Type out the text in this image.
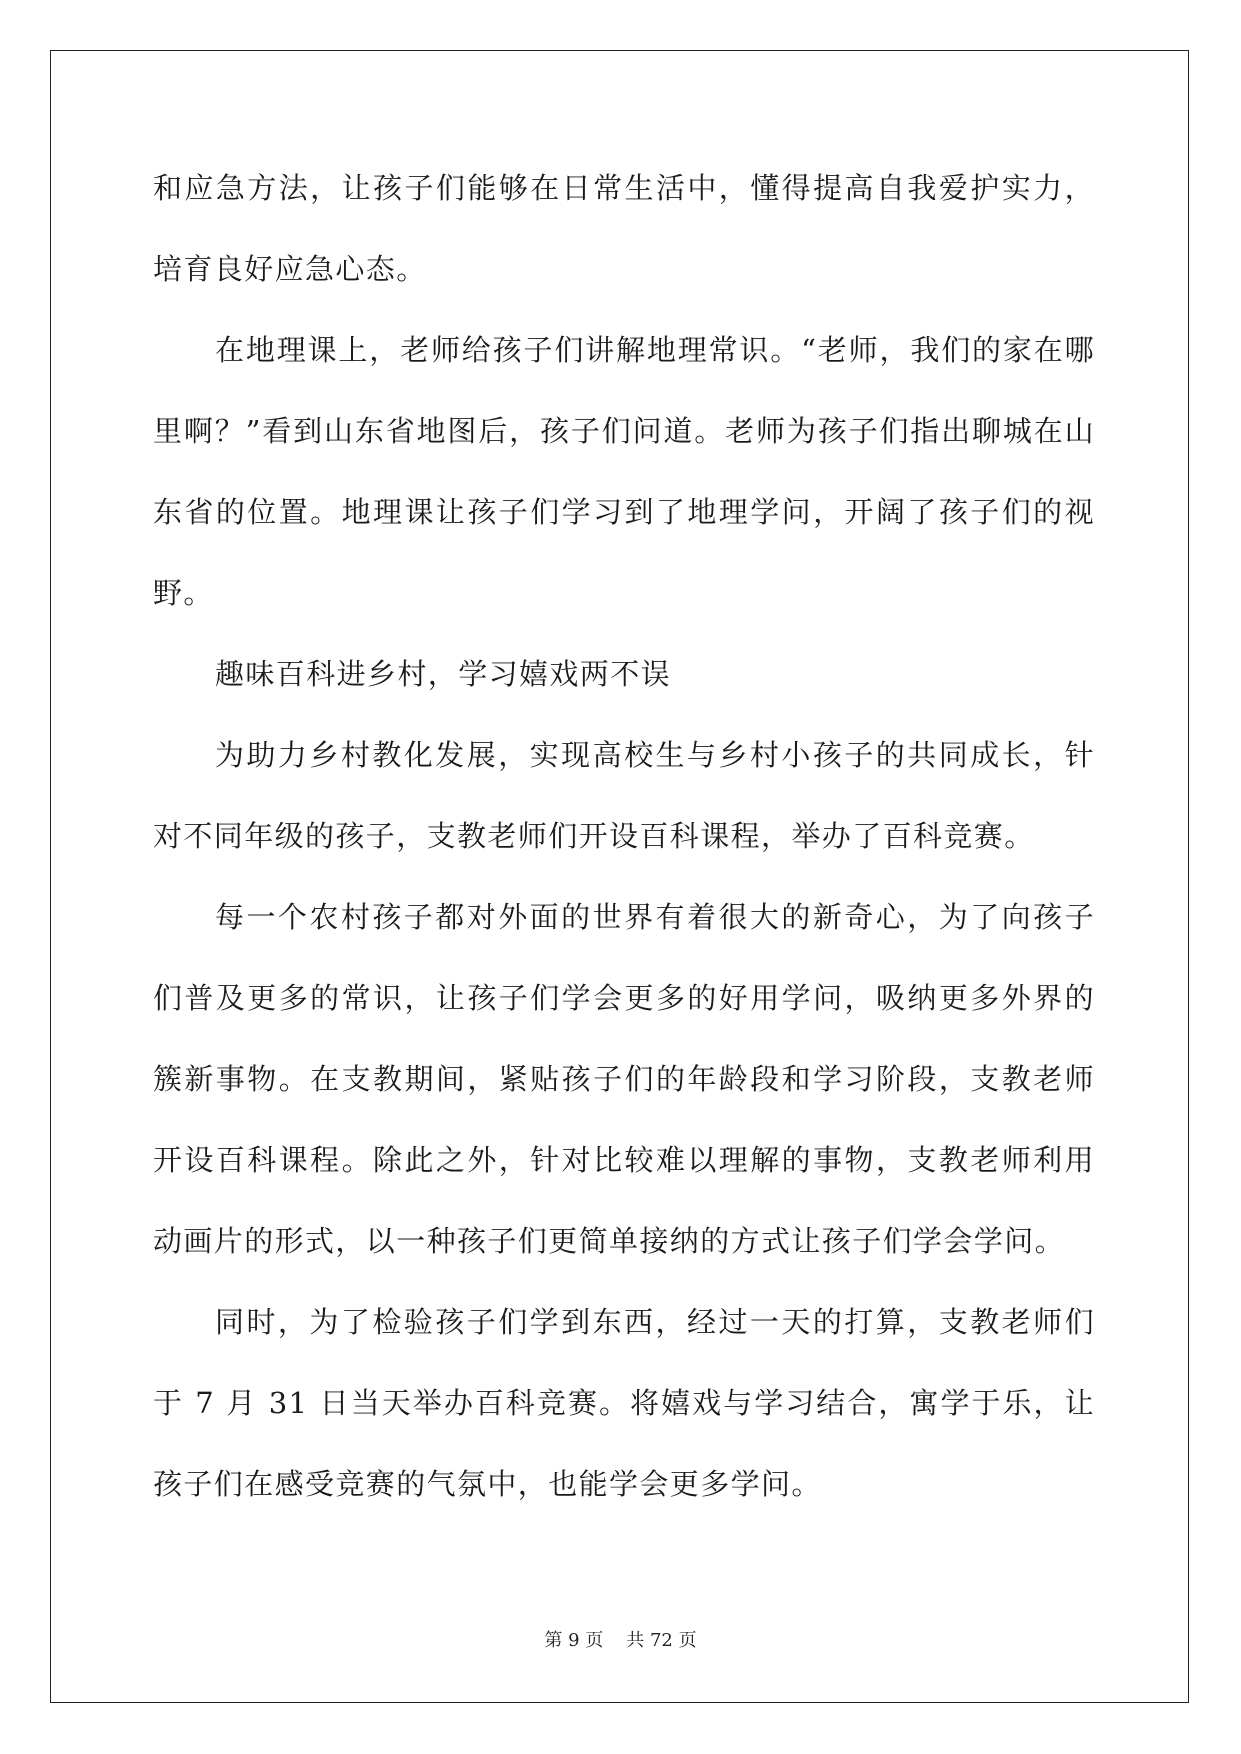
和应急方法，让孩子们能够在日常生活中，懂得提高自我爱护实力，培育良好应急心态。

在地理课上，老师给孩子们讲解地理常识。“老师，我们的家在哪里啊？”看到山东省地图后，孩子们问道。老师为孩子们指出聊城在山东省的位置。地理课让孩子们学习到了地理学问，开阔了孩子们的视野。

趣味百科进乡村，学习嬉戏两不误

为助力乡村教化发展，实现高校生与乡村小孩子的共同成长，针对不同年级的孩子，支教老师们开设百科课程，举办了百科竞赛。

每一个农村孩子都对外面的世界有着很大的新奇心，为了向孩子们普及更多的常识，让孩子们学会更多的好用学问，吸纳更多外界的簇新事物。在支教期间，紧贴孩子们的年龄段和学习阶段，支教老师开设百科课程。除此之外，针对比较难以理解的事物，支教老师利用动画片的形式，以一种孩子们更简单接纳的方式让孩子们学会学问。

同时，为了检验孩子们学到东西，经过一天的打算，支教老师们于 7 月 31 日当天举办百科竞赛。将嬉戏与学习结合，寓学于乐，让孩子们在感受竞赛的气氛中，也能学会更多学问。

第 9 页 共 72 页
